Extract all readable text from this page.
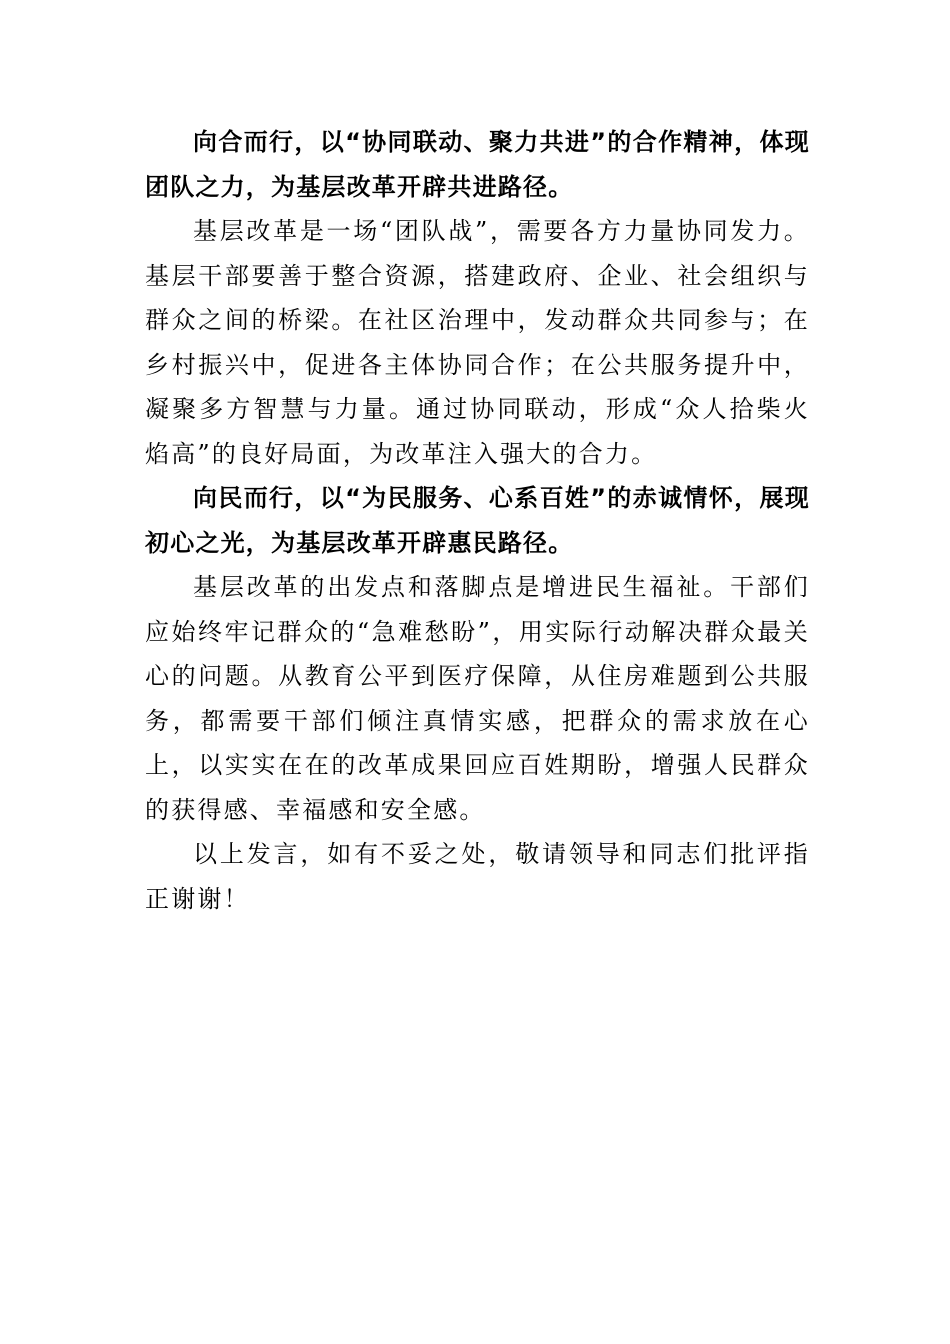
向合而行，以“协同联动、聚力共进”的合作精神，体现团队之力，为基层改革开辟共进路径。

基层改革是一场“团队战”，需要各方力量协同发力。基层干部要善于整合资源，搭建政府、企业、社会组织与群众之间的桥梁。在社区治理中，发动群众共同参与；在乡村振兴中，促进各主体协同合作；在公共服务提升中，凝聚多方智慧与力量。通过协同联动，形成“众人拾柴火焰高”的良好局面，为改革注入强大的合力。

向民而行，以“为民服务、心系百姓”的赤诚情怀，展现初心之光，为基层改革开辟惠民路径。

基层改革的出发点和落脚点是增进民生福祉。干部们应始终牢记群众的“急难愁盼”，用实际行动解决群众最关心的问题。从教育公平到医疗保障，从住房难题到公共服务，都需要干部们倾注真情实感，把群众的需求放在心上，以实实在在的改革成果回应百姓期盼，增强人民群众的获得感、幸福感和安全感。

以上发言，如有不妥之处，敬请领导和同志们批评指正谢谢！
